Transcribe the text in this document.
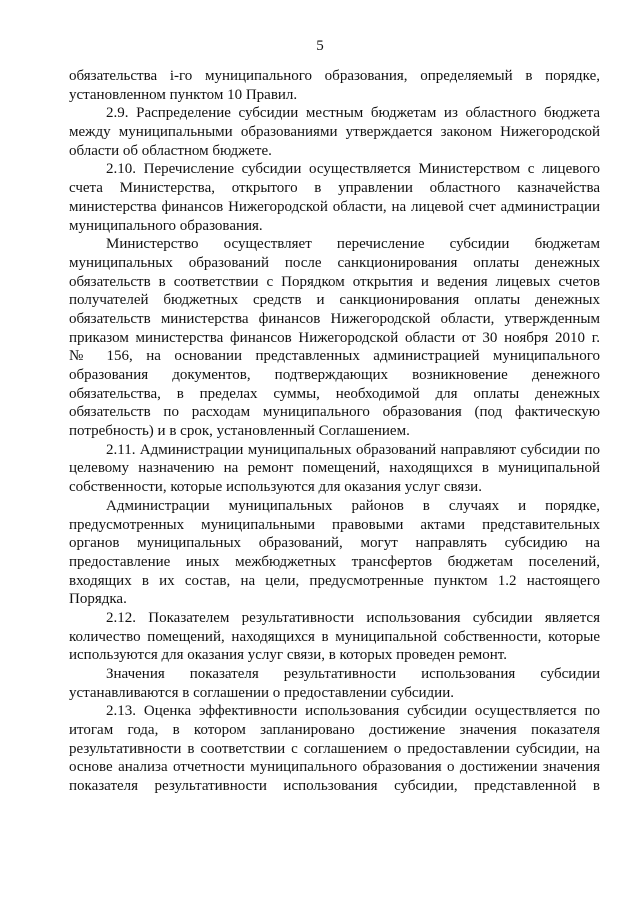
5
обязательства i-го муниципального образования, определяемый в порядке,
установленном пунктом 10 Правил.
2.9. Распределение субсидии местным бюджетам из областного бюджета
между муниципальными образованиями утверждается законом Нижегородской
области об областном бюджете.
2.10. Перечисление субсидии осуществляется Министерством с лицевого
счета Министерства, открытого в управлении областного казначейства
министерства финансов Нижегородской области, на лицевой счет администрации
муниципального образования.
Министерство осуществляет перечисление субсидии бюджетам
муниципальных образований после санкционирования оплаты денежных
обязательств в соответствии с Порядком открытия и ведения лицевых счетов
получателей бюджетных средств и санкционирования оплаты денежных
обязательств министерства финансов Нижегородской области, утвержденным
приказом министерства финансов Нижегородской области от 30 ноября 2010 г.
№ 156, на основании представленных администрацией муниципального
образования документов, подтверждающих возникновение денежного
обязательства, в пределах суммы, необходимой для оплаты денежных
обязательств по расходам муниципального образования (под фактическую
потребность) и в срок, установленный Соглашением.
2.11. Администрации муниципальных образований направляют субсидии по
целевому назначению на ремонт помещений, находящихся в муниципальной
собственности, которые используются для оказания услуг связи.
Администрации муниципальных районов в случаях и порядке,
предусмотренных муниципальными правовыми актами представительных
органов муниципальных образований, могут направлять субсидию на
предоставление иных межбюджетных трансфертов бюджетам поселений,
входящих в их состав, на цели, предусмотренные пунктом 1.2 настоящего
Порядка.
2.12. Показателем результативности использования субсидии является
количество помещений, находящихся в муниципальной собственности, которые
используются для оказания услуг связи, в которых проведен ремонт.
Значения показателя результативности использования субсидии
устанавливаются в соглашении о предоставлении субсидии.
2.13. Оценка эффективности использования субсидии осуществляется по
итогам года, в котором запланировано достижение значения показателя
результативности в соответствии с соглашением о предоставлении субсидии, на
основе анализа отчетности муниципального образования о достижении значения
показателя результативности использования субсидии, представленной в
